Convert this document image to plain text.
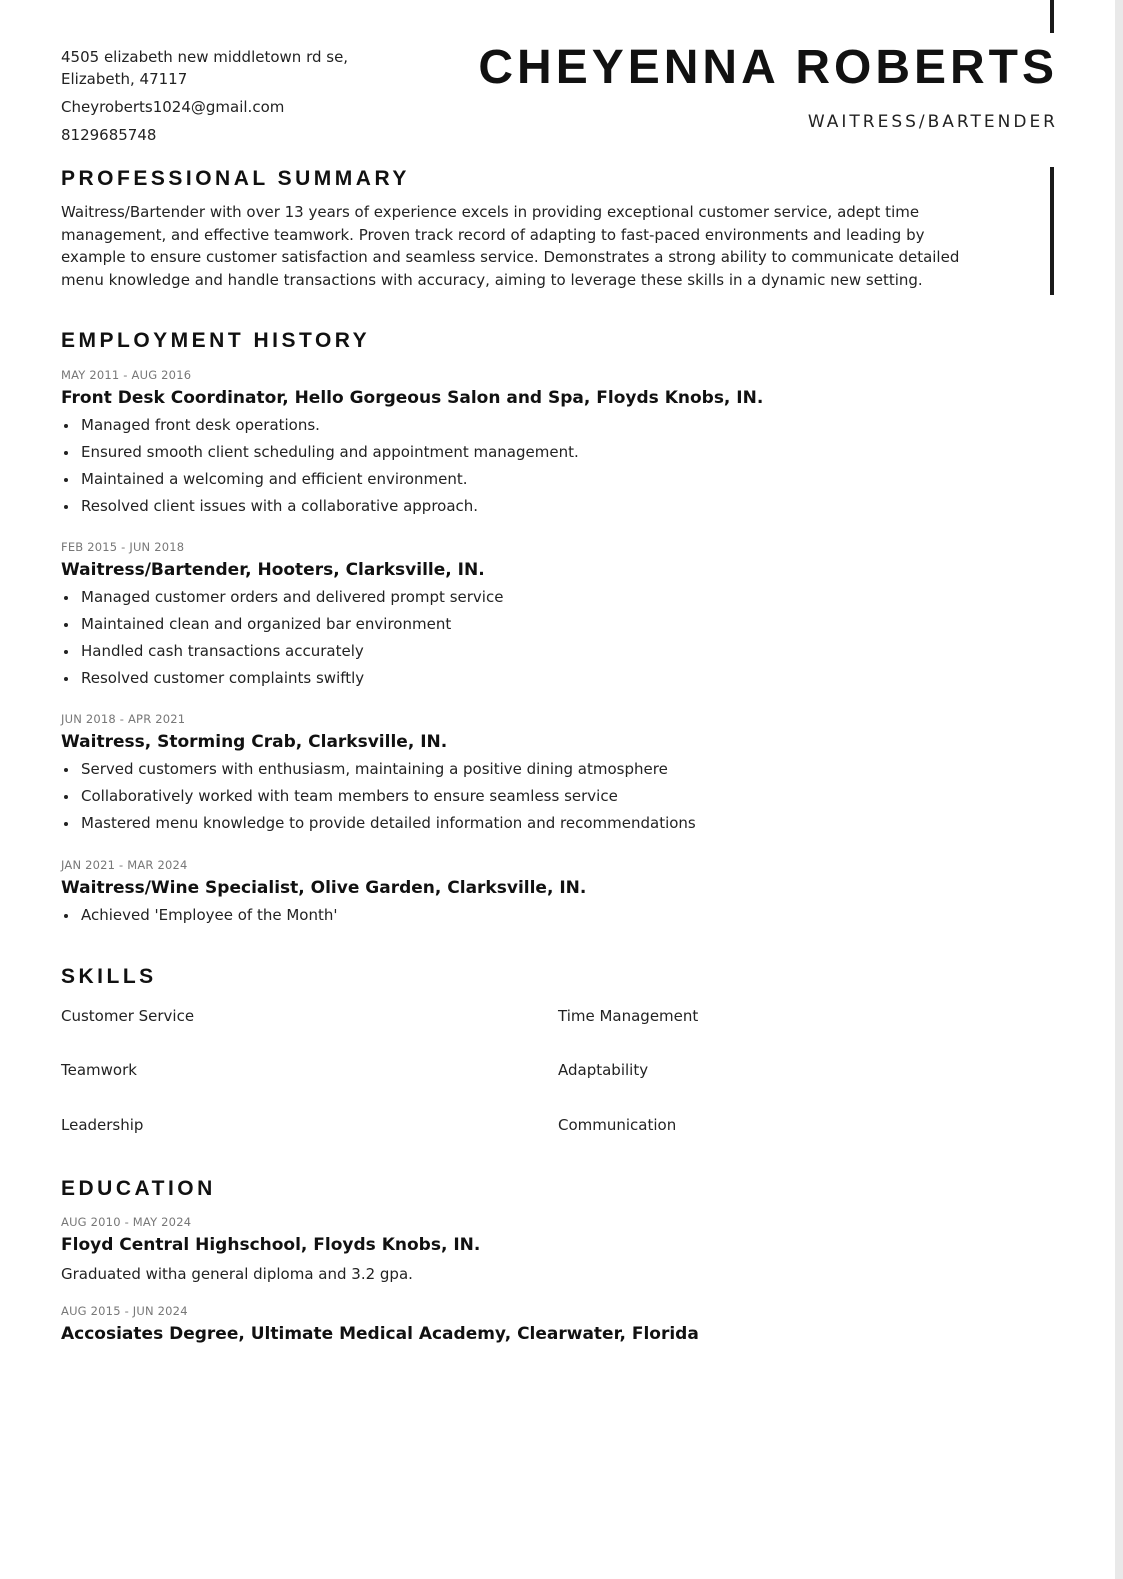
4505 elizabeth new middletown rd se,
Elizabeth, 47117
Cheyroberts1024@gmail.com
8129685748
CHEYENNA ROBERTS
WAITRESS/BARTENDER
PROFESSIONAL SUMMARY

Waitress/Bartender with over 13 years of experience excels in providing exceptional customer service, adept time management, and effective teamwork. Proven track record of adapting to fast-paced environments and leading by example to ensure customer satisfaction and seamless service. Demonstrates a strong ability to communicate detailed menu knowledge and handle transactions with accuracy, aiming to leverage these skills in a dynamic new setting.

EMPLOYMENT HISTORY
MAY 2011 - AUG 2016
Front Desk Coordinator, Hello Gorgeous Salon and Spa, Floyds Knobs, IN.
Managed front desk operations.
Ensured smooth client scheduling and appointment management.
Maintained a welcoming and efficient environment.
Resolved client issues with a collaborative approach.
FEB 2015 - JUN 2018
Waitress/Bartender, Hooters, Clarksville, IN.
Managed customer orders and delivered prompt service
Maintained clean and organized bar environment
Handled cash transactions accurately
Resolved customer complaints swiftly
JUN 2018 - APR 2021
Waitress, Storming Crab, Clarksville, IN.
Served customers with enthusiasm, maintaining a positive dining atmosphere
Collaboratively worked with team members to ensure seamless service
Mastered menu knowledge to provide detailed information and recommendations
JAN 2021 - MAR 2024
Waitress/Wine Specialist, Olive Garden, Clarksville, IN.
Achieved 'Employee of the Month'
SKILLS
Customer Service	Time Management
Teamwork	Adaptability
Leadership	Communication
EDUCATION
AUG 2010 - MAY 2024
Floyd Central Highschool, Floyds Knobs, IN.
Graduated witha general diploma and 3.2 gpa.
AUG 2015 - JUN 2024
Accosiates Degree, Ultimate Medical Academy, Clearwater, Florida
